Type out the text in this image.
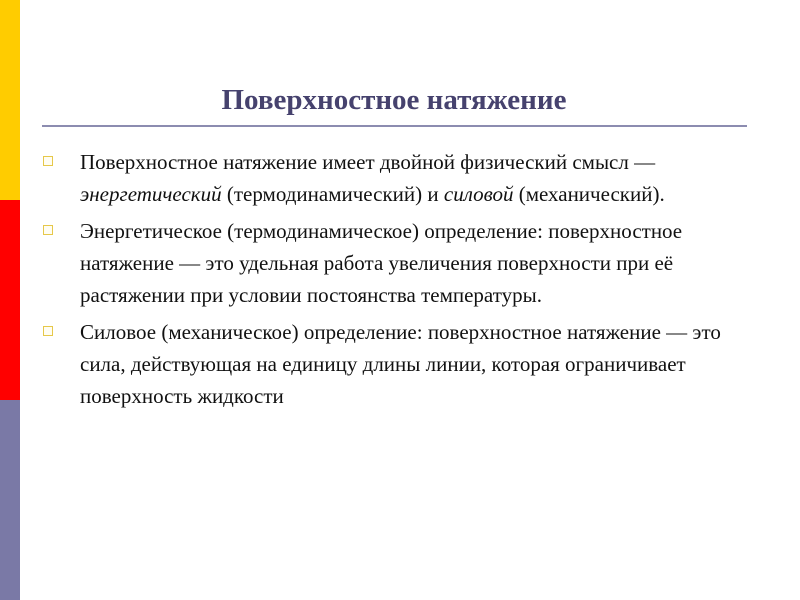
Поверхностное натяжение
Поверхностное натяжение имеет двойной физический смысл — энергетический (термодинамический) и силовой (механический).
Энергетическое (термодинамическое) определение: поверхностное натяжение — это удельная работа увеличения поверхности при её растяжении при условии постоянства температуры.
Силовое (механическое) определение: поверхностное натяжение — это сила, действующая на единицу длины линии, которая ограничивает поверхность жидкости
